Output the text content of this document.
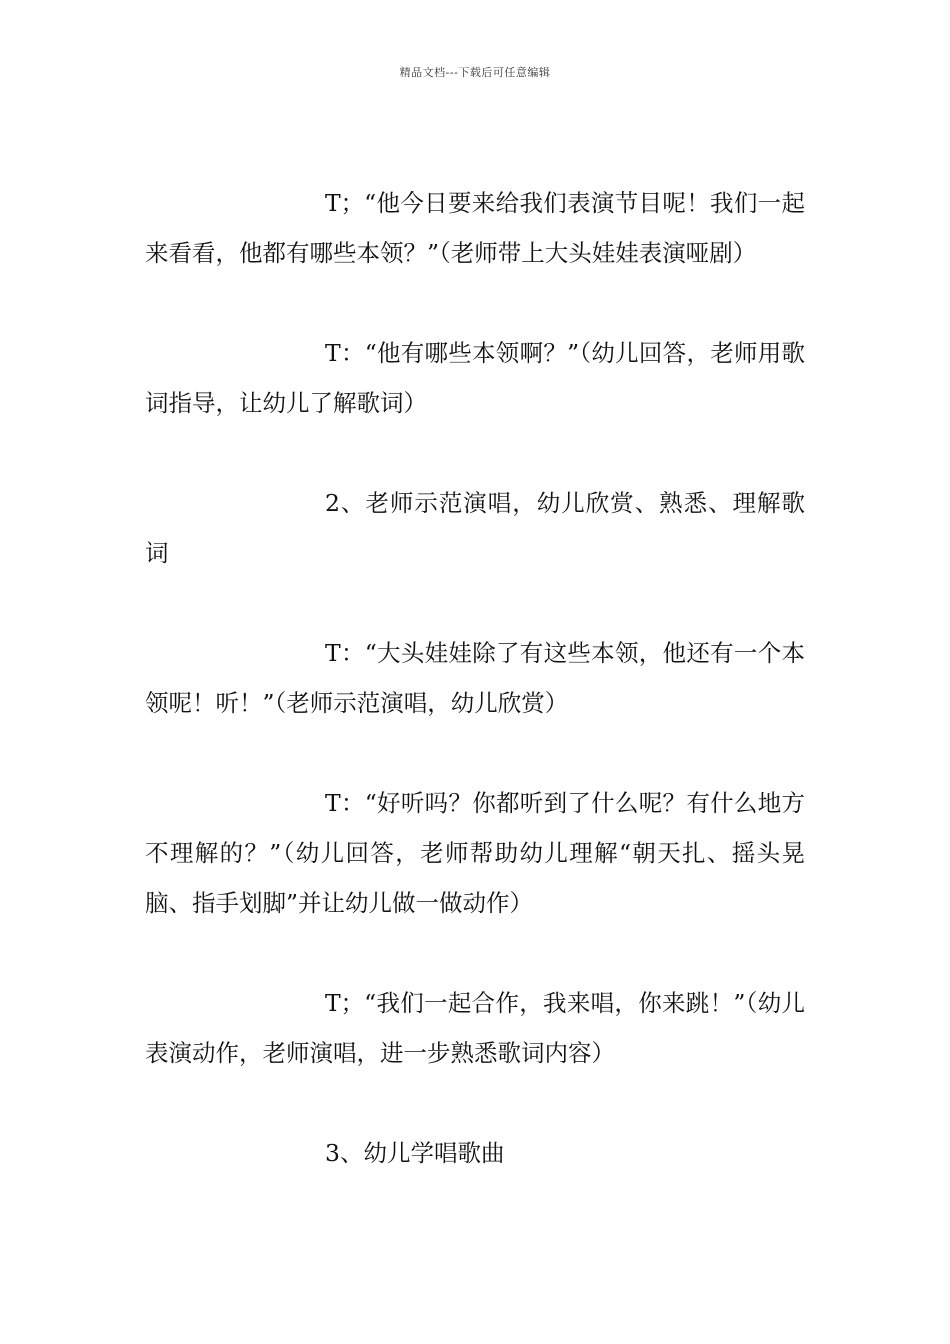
精品文档---下载后可任意编辑

T；“他今日要来给我们表演节目呢！我们一起来看看，他都有哪些本领？”（老师带上大头娃娃表演哑剧）

T：“他有哪些本领啊？”（幼儿回答，老师用歌词指导，让幼儿了解歌词）

2、老师示范演唱，幼儿欣赏、熟悉、理解歌词

T：“大头娃娃除了有这些本领，他还有一个本领呢！听！”（老师示范演唱，幼儿欣赏）

T：“好听吗？你都听到了什么呢？有什么地方不理解的？”（幼儿回答，老师帮助幼儿理解“朝天扎、摇头晃脑、指手划脚”并让幼儿做一做动作）

T；“我们一起合作，我来唱，你来跳！”（幼儿表演动作，老师演唱，进一步熟悉歌词内容）

3、幼儿学唱歌曲
